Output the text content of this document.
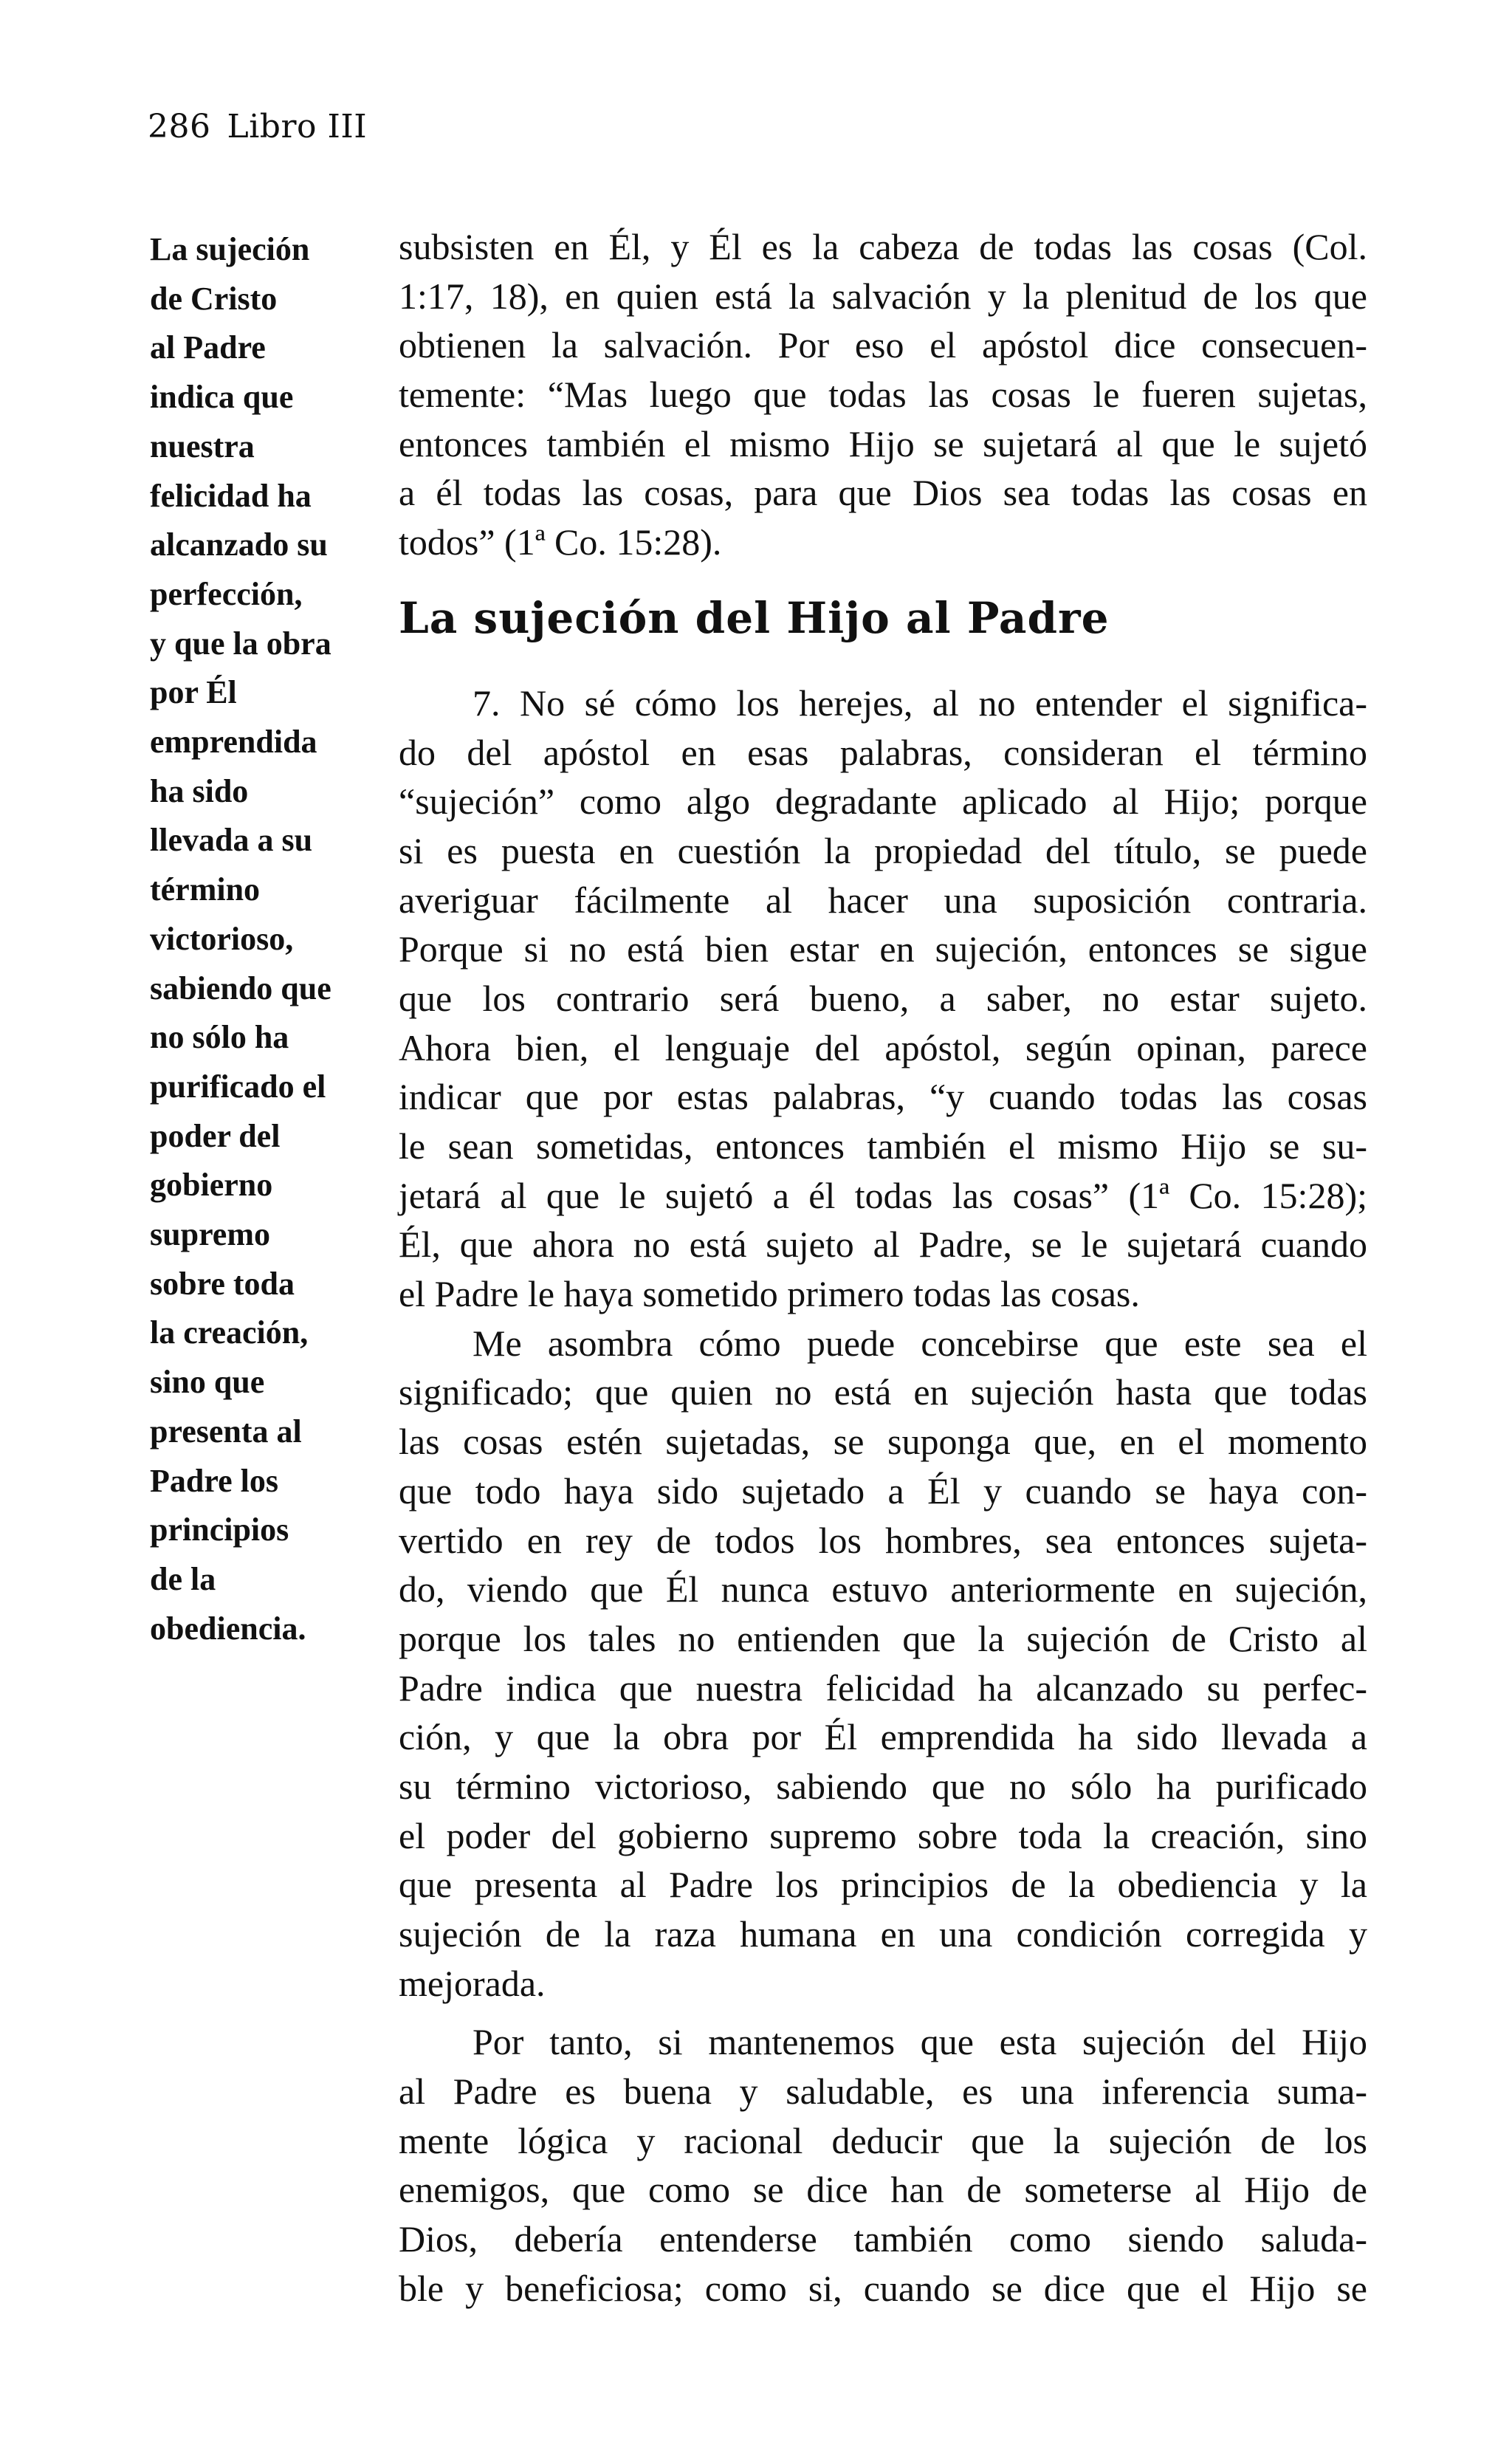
286 Libro III
La sujeción
de Cristo
al Padre
indica que
nuestra
felicidad ha
alcanzado su
perfección,
y que la obra
por Él
emprendida
ha sido
llevada a su
término
victorioso,
sabiendo que
no sólo ha
purificado el
poder del
gobierno
supremo
sobre toda
la creación,
sino que
presenta al
Padre los
principios
de la
obediencia.
subsisten en Él, y Él es la cabeza de todas las cosas (Col.
1:17, 18), en quien está la salvación y la plenitud de los que
obtienen la salvación. Por eso el apóstol dice consecuen-
temente: “Mas luego que todas las cosas le fueren sujetas,
entonces también el mismo Hijo se sujetará al que le sujetó
a él todas las cosas, para que Dios sea todas las cosas en
todos” (1ª Co. 15:28).
La sujeción del Hijo al Padre
7. No sé cómo los herejes, al no entender el significa-
do del apóstol en esas palabras, consideran el término
“sujeción” como algo degradante aplicado al Hijo; porque
si es puesta en cuestión la propiedad del título, se puede
averiguar fácilmente al hacer una suposición contraria.
Porque si no está bien estar en sujeción, entonces se sigue
que los contrario será bueno, a saber, no estar sujeto.
Ahora bien, el lenguaje del apóstol, según opinan, parece
indicar que por estas palabras, “y cuando todas las cosas
le sean sometidas, entonces también el mismo Hijo se su-
jetará al que le sujetó a él todas las cosas” (1ª Co. 15:28);
Él, que ahora no está sujeto al Padre, se le sujetará cuando
el Padre le haya sometido primero todas las cosas.
Me asombra cómo puede concebirse que este sea el
significado; que quien no está en sujeción hasta que todas
las cosas estén sujetadas, se suponga que, en el momento
que todo haya sido sujetado a Él y cuando se haya con-
vertido en rey de todos los hombres, sea entonces sujeta-
do, viendo que Él nunca estuvo anteriormente en sujeción,
porque los tales no entienden que la sujeción de Cristo al
Padre indica que nuestra felicidad ha alcanzado su perfec-
ción, y que la obra por Él emprendida ha sido llevada a
su término victorioso, sabiendo que no sólo ha purificado
el poder del gobierno supremo sobre toda la creación, sino
que presenta al Padre los principios de la obediencia y la
sujeción de la raza humana en una condición corregida y
mejorada.
Por tanto, si mantenemos que esta sujeción del Hijo
al Padre es buena y saludable, es una inferencia suma-
mente lógica y racional deducir que la sujeción de los
enemigos, que como se dice han de someterse al Hijo de
Dios, debería entenderse también como siendo saluda-
ble y beneficiosa; como si, cuando se dice que el Hijo se
